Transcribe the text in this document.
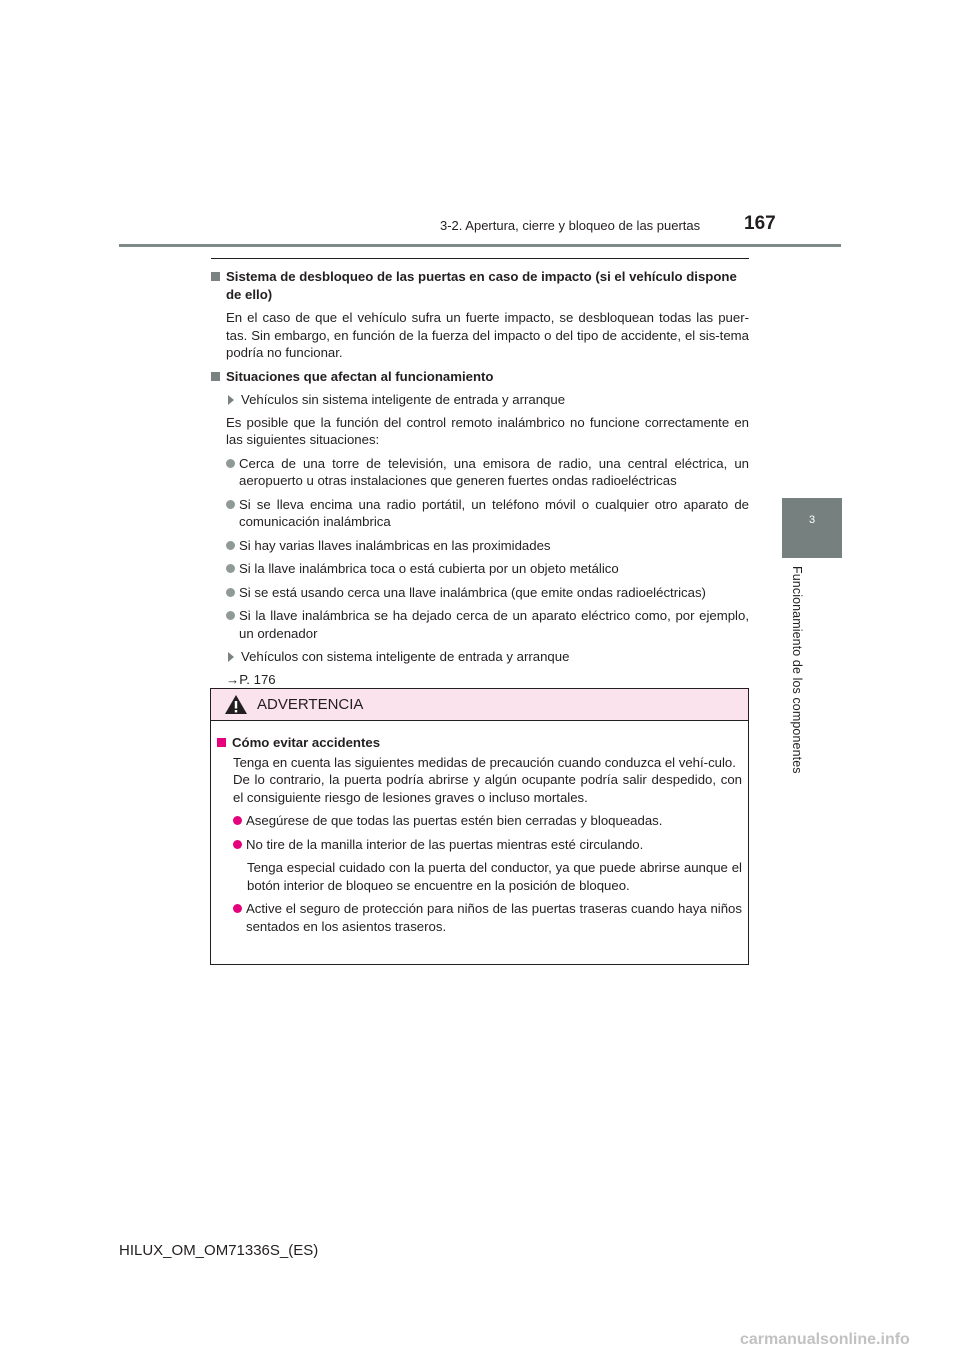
3-2. Apertura, cierre y bloqueo de las puertas 167
3
Funcionamiento de los componentes
Sistema de desbloqueo de las puertas en caso de impacto (si el vehículo dispone de ello)
En el caso de que el vehículo sufra un fuerte impacto, se desbloquean todas las puer-tas. Sin embargo, en función de la fuerza del impacto o del tipo de accidente, el sis-tema podría no funcionar.
Situaciones que afectan al funcionamiento
Vehículos sin sistema inteligente de entrada y arranque
Es posible que la función del control remoto inalámbrico no funcione correctamente en las siguientes situaciones:
Cerca de una torre de televisión, una emisora de radio, una central eléctrica, un aeropuerto u otras instalaciones que generen fuertes ondas radioeléctricas
Si se lleva encima una radio portátil, un teléfono móvil o cualquier otro aparato de comunicación inalámbrica
Si hay varias llaves inalámbricas en las proximidades
Si la llave inalámbrica toca o está cubierta por un objeto metálico
Si se está usando cerca una llave inalámbrica (que emite ondas radioeléctricas)
Si la llave inalámbrica se ha dejado cerca de un aparato eléctrico como, por ejemplo, un ordenador
Vehículos con sistema inteligente de entrada y arranque
→P. 176
ADVERTENCIA
Cómo evitar accidentes
Tenga en cuenta las siguientes medidas de precaución cuando conduzca el vehí-culo.
De lo contrario, la puerta podría abrirse y algún ocupante podría salir despedido, con el consiguiente riesgo de lesiones graves o incluso mortales.
Asegúrese de que todas las puertas estén bien cerradas y bloqueadas.
No tire de la manilla interior de las puertas mientras esté circulando.
Tenga especial cuidado con la puerta del conductor, ya que puede abrirse aunque el botón interior de bloqueo se encuentre en la posición de bloqueo.
Active el seguro de protección para niños de las puertas traseras cuando haya niños sentados en los asientos traseros.
HILUX_OM_OM71336S_(ES)
carmanualsonline.info
